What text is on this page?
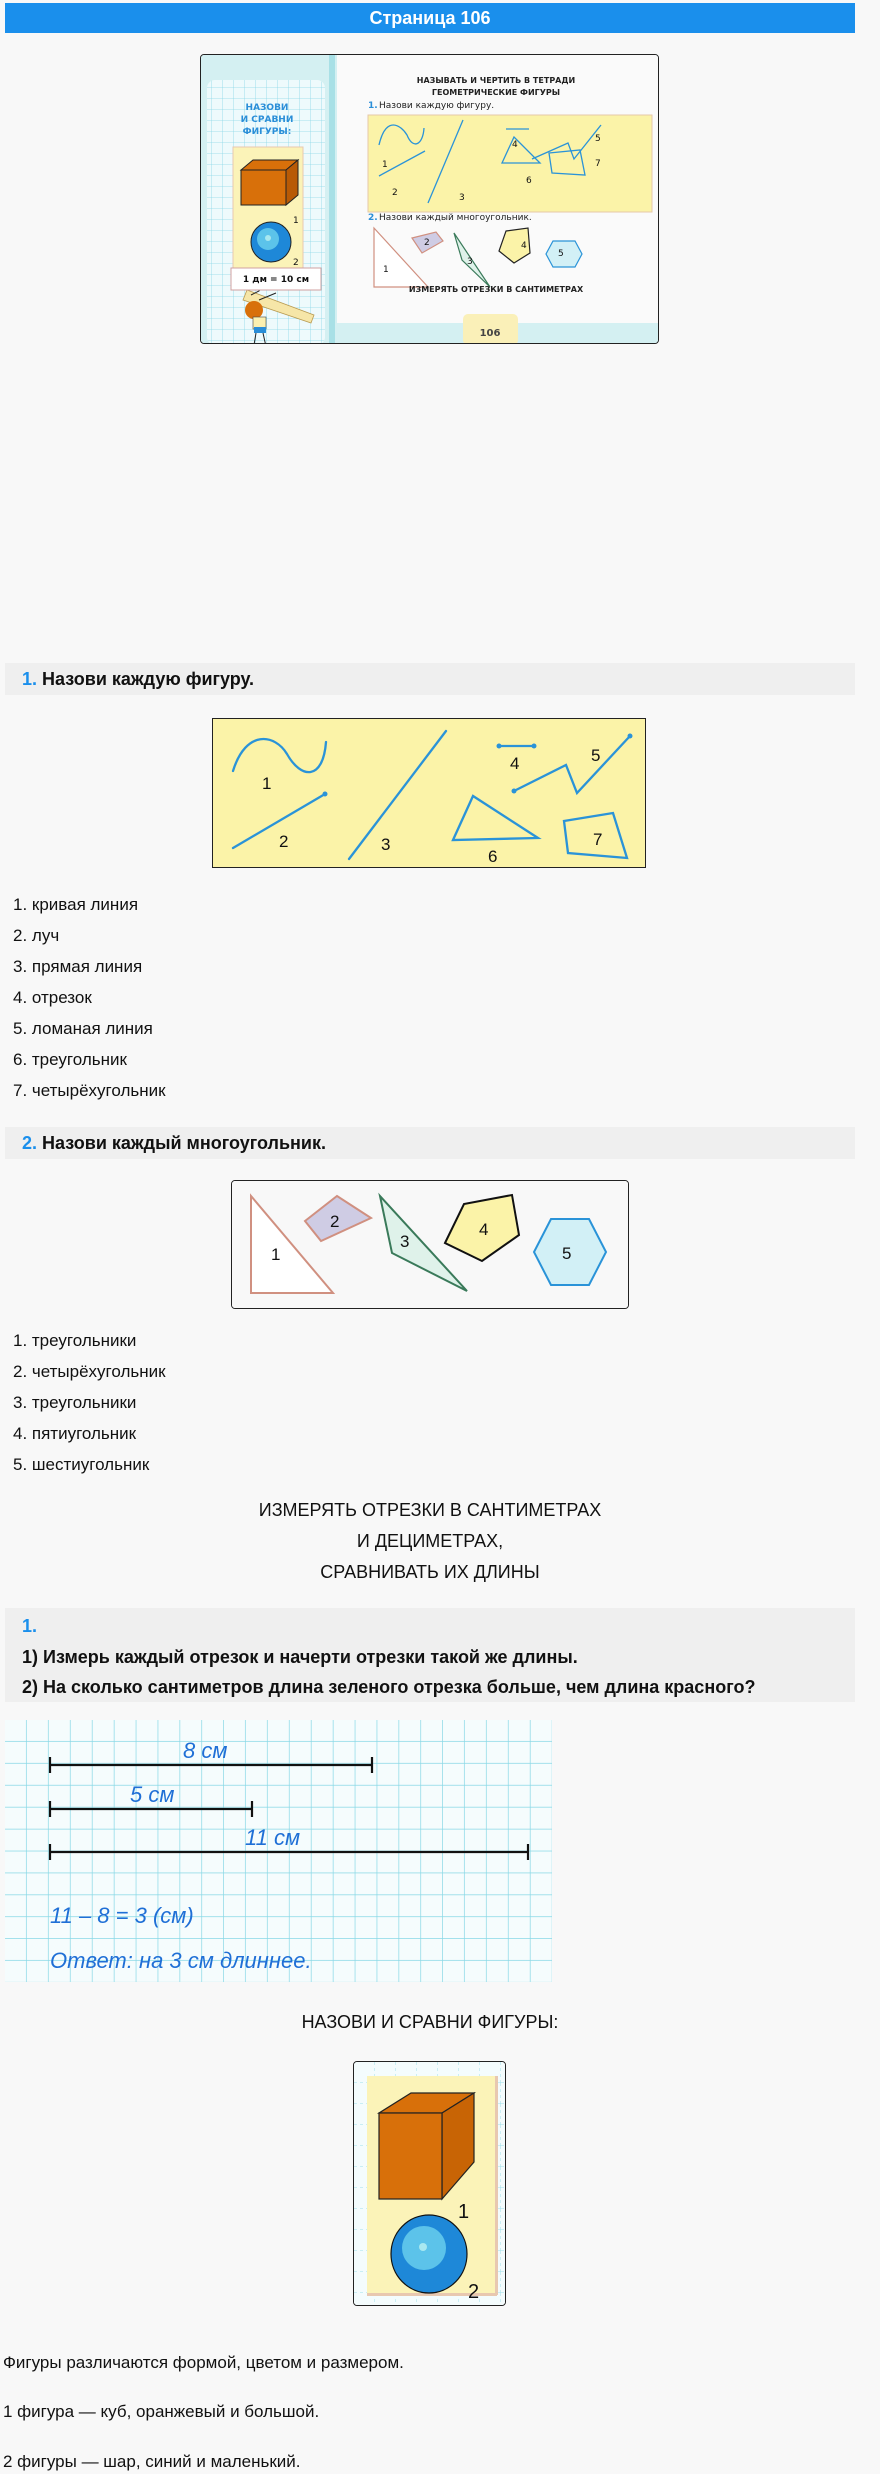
Страница 106
НАЗОВИ
И СРАВНИ
ФИГУРЫ:
1
2
1 дм = 10 см
НАЗЫВАТЬ И ЧЕРТИТЬ В ТЕТРАДИ
ГЕОМЕТРИЧЕСКИЕ ФИГУРЫ
1. Назови каждую фигуру.
1
2	3
4
5
6
7
2. Назови каждый многоугольник.
1
2
3
4
5
ИЗМЕРЯТЬ ОТРЕЗКИ В САНТИМЕТРАХ
106
1. Назови каждую фигуру.
1
2	3
4	5
6
7
1. кривая линия
2. луч
3. прямая линия
4. отрезок
5. ломаная линия
6. треугольник
7. четырёхугольник
2. Назови каждый многоугольник.
1
2
3
4
5
1. треугольники
2. четырёхугольник
3. треугольники
4. пятиугольник
5. шестиугольник
ИЗМЕРЯТЬ ОТРЕЗКИ В САНТИМЕТРАХ
И ДЕЦИМЕТРАХ,
СРАВНИВАТЬ ИХ ДЛИНЫ
1.
1) Измерь каждый отрезок и начерти отрезки такой же длины.
2) На сколько сантиметров длина зеленого отрезка больше, чем длина красного?
8 см
5 см
11 см
11 – 8 = 3 (см)
Ответ: на 3 см длиннее.
НАЗОВИ И СРАВНИ ФИГУРЫ:
1
2
Фигуры различаются формой, цветом и размером.
1 фигура — куб, оранжевый и большой.
2 фигуры — шар, синий и маленький.
